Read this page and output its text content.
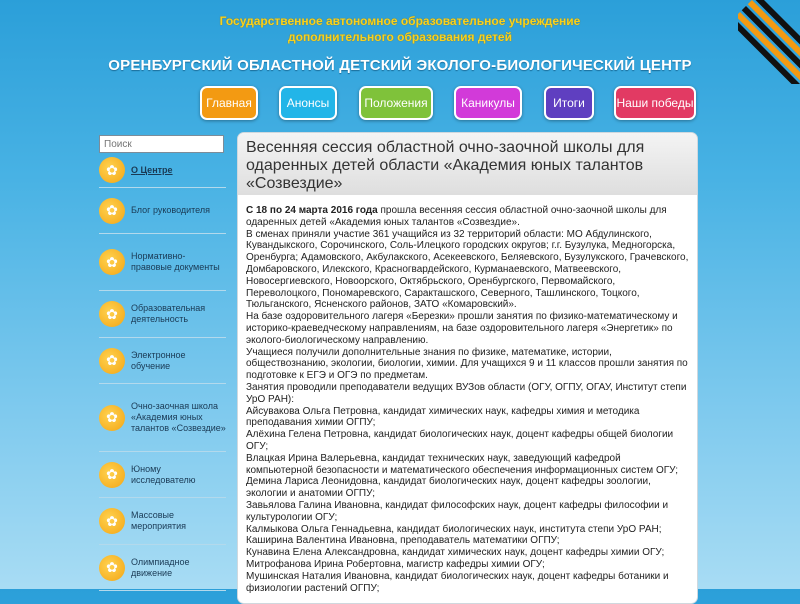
Государственное автономное образовательное учреждение
дополнительного образования детей
ОРЕНБУРГСКИЙ ОБЛАСТНОЙ ДЕТСКИЙ ЭКОЛОГО-БИОЛОГИЧЕСКИЙ ЦЕНТР
Главная	Анонсы	Положения	Каникулы	Итоги	Наши победы
Поиск
✿	О Центре
✿	Блог руководителя
✿	Нормативно-правовые документы
✿	Образовательная деятельность
✿	Электронное обучение
✿
Очно-заочная школа «Академия юных талантов «Созвездие»
✿	Юному исследователю
✿	Массовые мероприятия
✿	Олимпиадное движение
Весенняя сессия областной очно-заочной школы для одаренных детей области «Академия юных талантов «Созвездие»

С 18 по 24 марта 2016 года прошла весенняя сессия областной очно-заочной школы для одаренных детей «Академия юных талантов «Созвездие».

В сменах приняли участие 361 учащийся из 32 территорий области: МО Абдулинского, Кувандыкского, Сорочинского, Соль-Илецкого городских округов; г.г. Бузулука, Медногорска, Оренбурга; Адамовского, Акбулакского, Асекеевского, Беляевского, Бузулукского, Грачевского, Домбаровского, Илекского, Красногвардейского, Курманаевского, Матвеевского, Новосергиевского, Новоорского, Октябрьского, Оренбургского, Первомайского, Переволоцкого, Пономаревского, Саракташского, Северного, Ташлинского, Тоцкого, Тюльганского, Ясненского районов, ЗАТО «Комаровский».

На базе оздоровительного лагеря «Березки» прошли занятия по физико-математическому и историко-краеведческому направлениям, на базе оздоровительного лагеря «Энергетик» по эколого-биологическому направлению.

Учащиеся получили дополнительные знания по физике, математике, истории, обществознанию, экологии, биологии, химии. Для учащихся 9 и 11 классов прошли занятия по подготовке к ЕГЭ и ОГЭ по предметам.

Занятия проводили преподаватели ведущих ВУЗов области (ОГУ, ОГПУ, ОГАУ, Институт степи УрО РАН):

Айсувакова Ольга Петровна, кандидат химических наук, кафедры химия и методика преподавания химии ОГПУ;

Алёхина Гелена Петровна, кандидат биологических наук, доцент кафедры общей биологии ОГУ;

Влацкая Ирина Валерьевна, кандидат технических наук, заведующий кафедрой компьютерной безопасности и математического обеспечения информационных систем ОГУ;

Демина Лариса Леонидовна, кандидат биологических наук, доцент кафедры зоологии, экологии и анатомии ОГПУ;

Завьялова Галина Ивановна, кандидат философских наук, доцент кафедры философии и культурологии ОГУ;

Калмыкова Ольга Геннадьевна, кандидат биологических наук, института степи УрО РАН;

Каширина Валентина Ивановна, преподаватель математики ОГПУ;

Кунавина Елена Александровна, кандидат химических наук, доцент кафедры химии ОГУ;

Митрофанова Ирина Робертовна, магистр кафедры химии ОГУ;

Мушинская Наталия Ивановна, кандидат биологических наук, доцент кафедры ботаники и физиологии растений ОГПУ;
